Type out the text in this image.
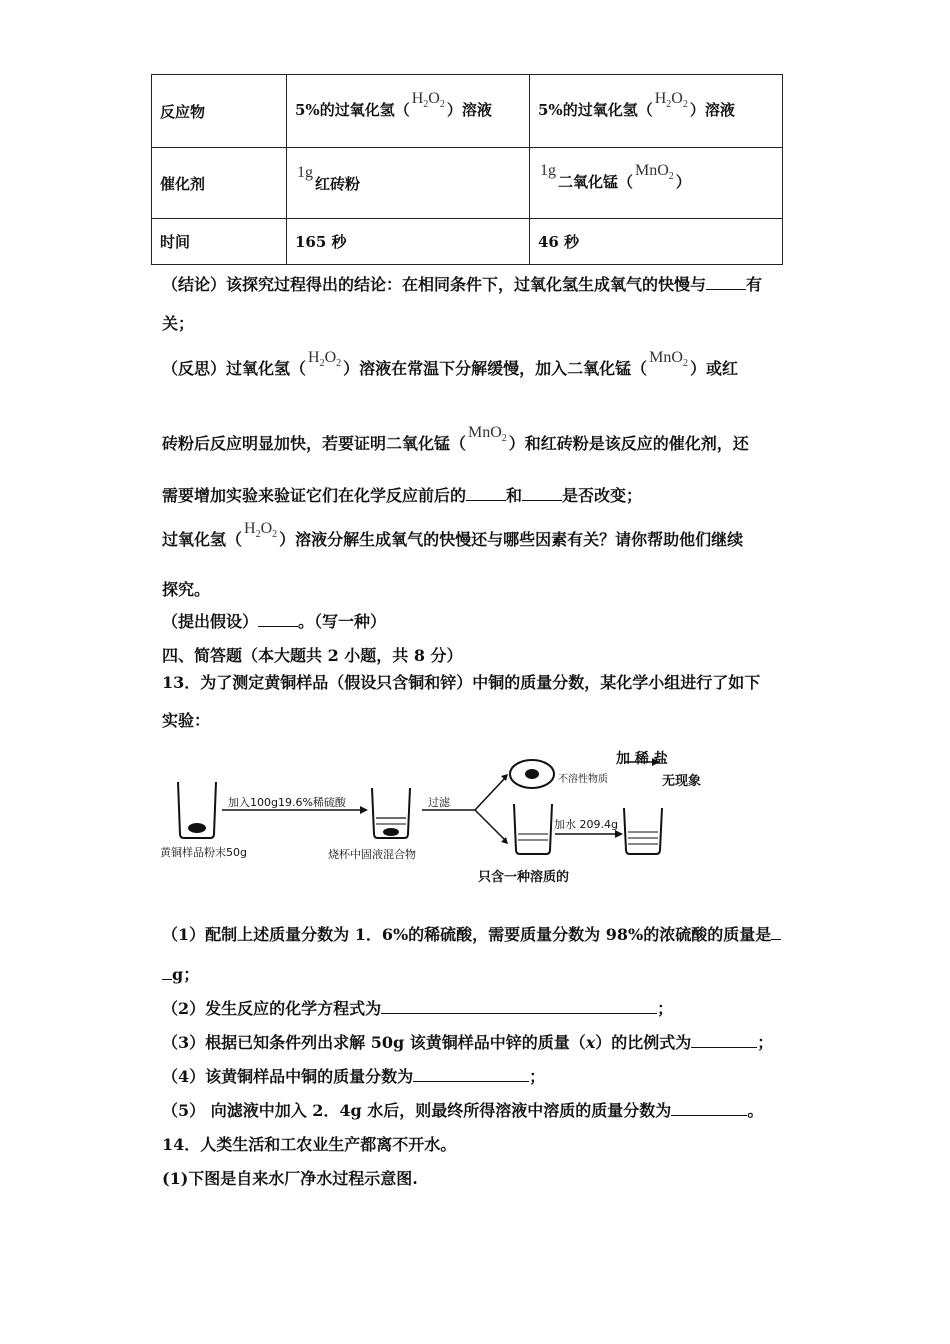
反应物	5%的过氧化氢（$H_2O_2$ ）溶液	5%的过氧化氢（$H_2O_2$ ）溶液
催化剂	1g红砖粉	1g二氧化锰（MnO$_2$ ）
时间	165 秒	46 秒
（结论）该探究过程得出的结论：在相同条件下，过氧化氢生成氧气的快慢与	有
关；
（反思）过氧化氢（$H_2O_2$ ）溶液在常温下分解缓慢，加入二氧化锰（MnO$_2$ ）或红
砖粉后反应明显加快，若要证明二氧化锰（MnO$_2$ ）和红砖粉是该反应的催化剂，还
需要增加实验来验证它们在化学反应前后的	和	是否改变；
过氧化氢（$H_2O_2$ ）溶液分解生成氧气的快慢还与哪些因素有关？请你帮助他们继续
探究。
（提出假设）	。（写一种）
四、简答题（本大题共 2 小题，共 8 分）
13．为了测定黄铜样品（假设只含铜和锌）中铜的质量分数，某化学小组进行了如下
实验：
黄铜样品粉末50g
加入100g19.6%稀硫酸
烧杯中固液混合物
过滤
不溶性物质
加 稀 盐
无现象
加水 209.4g
只含一种溶质的
（1）配制上述质量分数为 1．6%的稀硫酸，需要质量分数为 98%的浓硫酸的质量是
g；
（2）发生反应的化学方程式为	；
（3）根据已知条件列出求解 50g 该黄铜样品中锌的质量（x）的比例式为	；
（4）该黄铜样品中铜的质量分数为	；
（5） 向滤液中加入 2．4g 水后，则最终所得溶液中溶质的质量分数为	。
14．人类生活和工农业生产都离不开水。
(1)下图是自来水厂净水过程示意图.
